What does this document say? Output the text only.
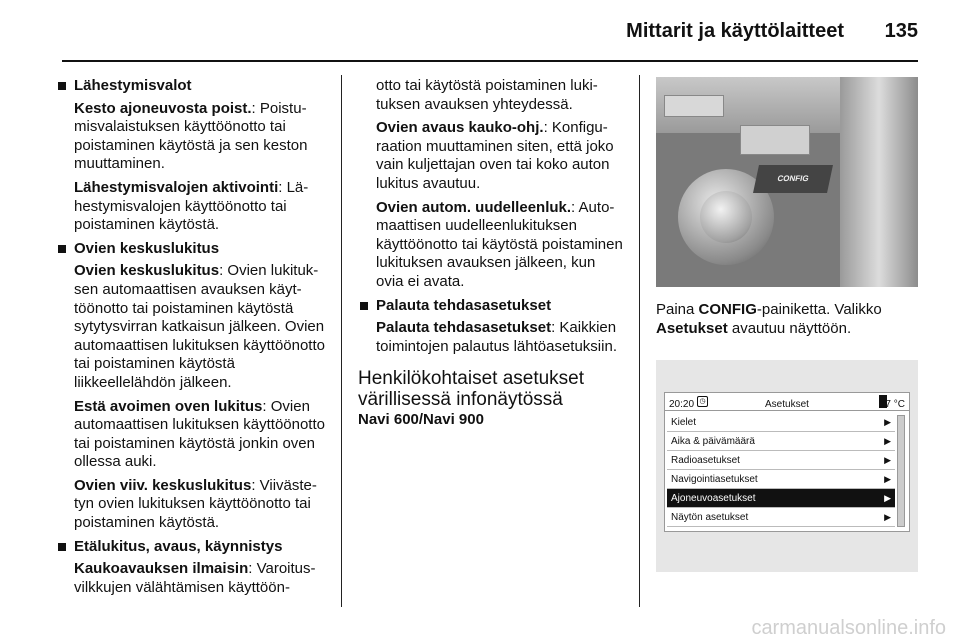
Mittarit ja käyttölaitteet 135
Lähestymisvalot
Kesto ajoneuvosta poist.: Poistumisvalaistuksen käyttöönotto tai poistaminen käytöstä ja sen keston muuttaminen.
Lähestymisvalojen aktivointi: Lähestymisvalojen käyttöönotto tai poistaminen käytöstä.
Ovien keskuslukitus
Ovien keskuslukitus: Ovien lukituksen automaattisen avauksen käyttöönotto tai poistaminen käytöstä sytytysvirran katkaisun jälkeen. Ovien automaattisen lukituksen käyttöönotto tai poistaminen käytöstä liikkeellelähdön jälkeen.
Estä avoimen oven lukitus: Ovien automaattisen lukituksen käyttöönotto tai poistaminen käytöstä jonkin oven ollessa auki.
Ovien viiv. keskuslukitus: Viivästetyn ovien lukituksen käyttöönotto tai poistaminen käytöstä.
Etälukitus, avaus, käynnistys
Kaukoavauksen ilmaisin: Varoitusvilkkujen välähtämisen käyttöön-
otto tai käytöstä poistaminen lukituksen avauksen yhteydessä.
Ovien avaus kauko-ohj.: Konfiguraation muuttaminen siten, että joko vain kuljettajan oven tai koko auton lukitus avautuu.
Ovien autom. uudelleenluk.: Automaattisen uudelleenlukituksen käyttöönotto tai käytöstä poistaminen lukituksen avauksen jälkeen, kun ovia ei avata.
Palauta tehdasasetukset
Palauta tehdasasetukset: Kaikkien toimintojen palautus lähtöasetuksiin.
Henkilökohtaiset asetukset värillisessä infonäytössä
Navi 600/Navi 900
CONFIG
Paina CONFIG-painiketta. Valikko Asetukset avautuu näyttöön.
20:20 ◷	Asetukset	17 °C
Kielet	▶
Aika & päivämäärä	▶
Radioasetukset	▶
Navigointiasetukset	▶
Ajoneuvoasetukset	▶
Näytön asetukset	▶
carmanualsonline.info
